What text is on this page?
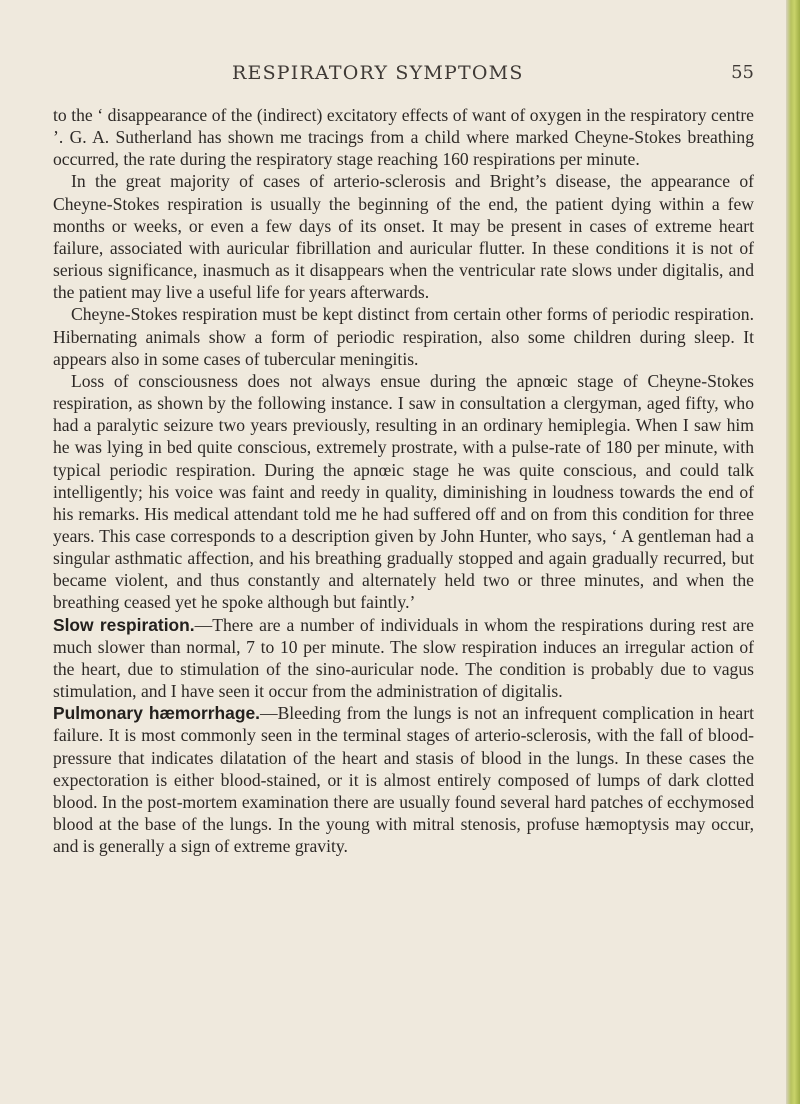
RESPIRATORY SYMPTOMS	55

to the ‘ disappearance of the (indirect) excitatory effects of want of oxygen in the respiratory centre ’. G. A. Sutherland has shown me tracings from a child where marked Cheyne-Stokes breathing occurred, the rate during the respiratory stage reaching 160 respirations per minute.

In the great majority of cases of arterio-sclerosis and Bright’s disease, the appearance of Cheyne-Stokes respiration is usually the beginning of the end, the patient dying within a few months or weeks, or even a few days of its onset. It may be present in cases of extreme heart failure, associated with auricular fibrillation and auricular flutter. In these conditions it is not of serious significance, inasmuch as it disappears when the ventricular rate slows under digitalis, and the patient may live a useful life for years afterwards.

Cheyne-Stokes respiration must be kept distinct from certain other forms of periodic respiration. Hibernating animals show a form of periodic respiration, also some children during sleep. It appears also in some cases of tubercular meningitis.

Loss of consciousness does not always ensue during the apnœic stage of Cheyne-Stokes respiration, as shown by the following instance. I saw in consultation a clergyman, aged fifty, who had a paralytic seizure two years previously, resulting in an ordinary hemiplegia. When I saw him he was lying in bed quite conscious, extremely prostrate, with a pulse-rate of 180 per minute, with typical periodic respiration. During the apnœic stage he was quite conscious, and could talk intelligently; his voice was faint and reedy in quality, diminishing in loudness towards the end of his remarks. His medical attendant told me he had suffered off and on from this condition for three years. This case corresponds to a description given by John Hunter, who says, ‘ A gentleman had a singular asthmatic affection, and his breathing gradually stopped and again gradually recurred, but became violent, and thus constantly and alternately held two or three minutes, and when the breathing ceased yet he spoke although but faintly.’

Slow respiration.—There are a number of individuals in whom the respirations during rest are much slower than normal, 7 to 10 per minute. The slow respiration induces an irregular action of the heart, due to stimulation of the sino-auricular node. The condition is probably due to vagus stimulation, and I have seen it occur from the administration of digitalis.

Pulmonary hæmorrhage.—Bleeding from the lungs is not an infrequent complication in heart failure. It is most commonly seen in the terminal stages of arterio-sclerosis, with the fall of blood-pressure that indicates dilatation of the heart and stasis of blood in the lungs. In these cases the expectoration is either blood-stained, or it is almost entirely composed of lumps of dark clotted blood. In the post-mortem examination there are usually found several hard patches of ecchymosed blood at the base of the lungs. In the young with mitral stenosis, profuse hæmoptysis may occur, and is generally a sign of extreme gravity.
